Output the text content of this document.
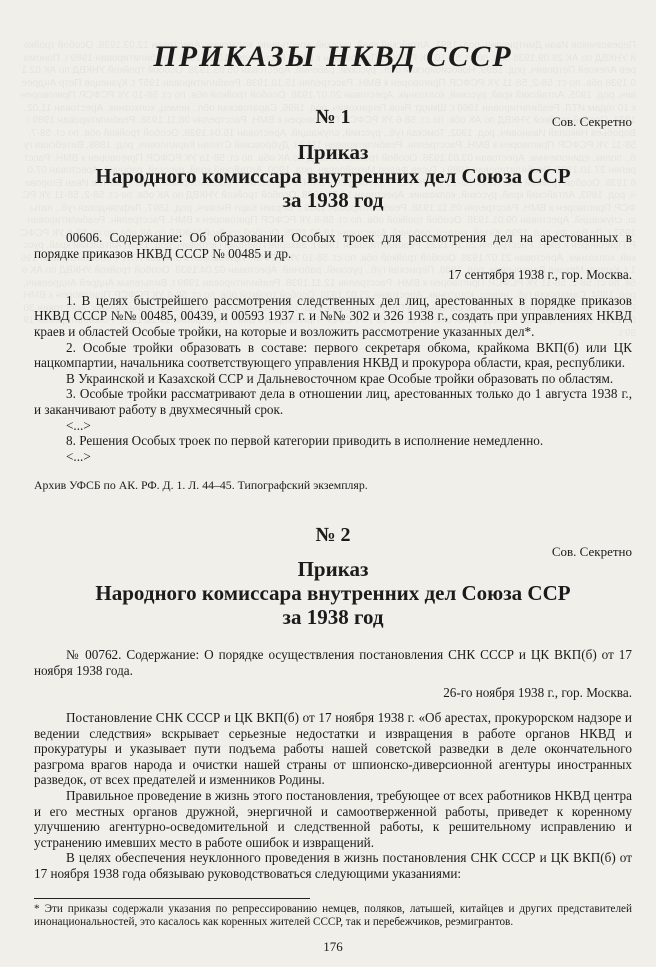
ПРИКАЗЫ НКВД СССР

Сов. Секретно

№ 1
Приказ
Народного комиссара внутренних дел Союза ССР
за 1938 год

00606. Содержание: Об образовании Особых троек для рассмотрения дел на арестованных в порядке приказов НКВД СССР № 00485 и др.

17 сентября 1938 г., гор. Москва.

1. В целях быстрейшего рассмотрения следственных дел лиц, арестованных в порядке приказов НКВД СССР №№ 00485, 00439, и 00593 1937 г. и №№ 302 и 326 1938 г., создать при управлениях НКВД краев и областей Особые тройки, на которые и возложить рассмотрение указанных дел*.

2. Особые тройки образовать в составе: первого секретаря обкома, крайкома ВКП(б) или ЦК нацкомпартии, начальника соответствующего управления НКВД и прокурора области, края, республики.

В Украинской и Казахской ССР и Дальневосточном крае Особые тройки образовать по областям.

3. Особые тройки рассматривают дела в отношении лиц, арестованных только до 1 августа 1938 г., и заканчивают работу в двухмесячный срок.

<...>

8. Решения Особых троек по первой категории приводить в исполнение немедленно.

<...>

Архив УФСБ по АК. РФ. Д. 1. Л. 44–45. Типографский экземпляр.

№ 2

Сов. Секретно

Приказ
Народного комиссара внутренних дел Союза ССР
за 1938 год

№ 00762. Содержание: О порядке осуществления постановления СНК СССР и ЦК ВКП(б) от 17 ноября 1938 года.

26-го ноября 1938 г., гор. Москва.

Постановление СНК СССР и ЦК ВКП(б) от 17 ноября 1938 г. «Об арестах, прокурорском надзоре и ведении следствия» вскрывает серьезные недостатки и извращения в работе органов НКВД и прокуратуры и указывает пути подъема работы нашей советской разведки в деле окончательного разгрома врагов народа и очистки нашей страны от шпионско-диверсионной агентуры иностранных разведок, от всех предателей и изменников Родины.

Правильное проведение в жизнь этого постановления, требующее от всех работников НКВД центра и его местных органов дружной, энергичной и самоотверженной работы, приведет к коренному улучшению агентурно-осведомительной и следственной работы, к решительному исправлению и устранению имевших место в работе ошибок и извращений.

В целях обеспечения неуклонного проведения в жизнь постановления СНК СССР и ЦК ВКП(б) от 17 ноября 1938 года обязываю руководствоваться следующими указаниями:

* Эти приказы содержали указания по репрессированию немцев, поляков, латышей, китайцев и других представителей инонациональностей, это касалось как коренных жителей СССР, так и перебежчиков, реэмигрантов.

176
